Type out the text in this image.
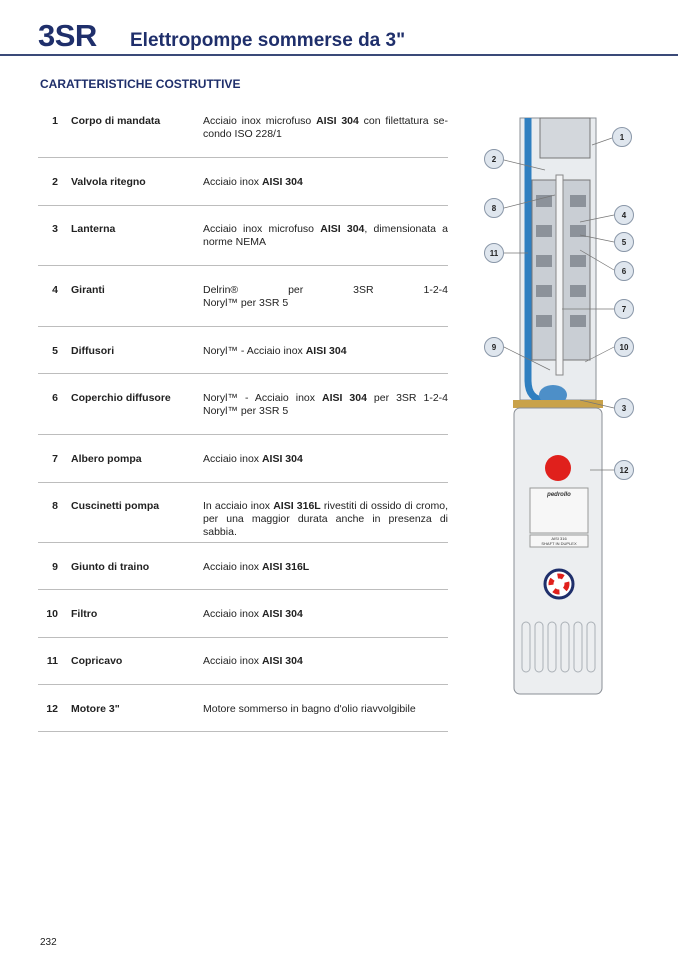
3SR Elettropompe sommerse da 3"
CARATTERISTICHE COSTRUTTIVE
1 Corpo di mandata	Acciaio inox microfuso AISI 304 con filettatura se-
condo ISO 228/1
2 Valvola ritegno	Acciaio inox AISI 304
3 Lanterna	Acciaio inox microfuso AISI 304, dimensionata a
norme NEMA
4 Giranti	Delrin® per 3SR 1-2-4
Noryl™ per 3SR 5
5 Diffusori	Noryl™ - Acciaio inox AISI 304
6 Coperchio diffusore	Noryl™ - Acciaio inox AISI 304 per 3SR 1-2-4
Noryl™ per 3SR 5
7 Albero pompa	Acciaio inox AISI 304
8 Cuscinetti pompa	In acciaio inox AISI 316L rivestiti di ossido di cromo,
per una maggior durata anche in presenza di sabbia.
9 Giunto di traino	Acciaio inox AISI 316L
10 Filtro	Acciaio inox AISI 304
11 Copricavo	Acciaio inox AISI 304
12 Motore 3"	Motore sommerso in bagno d'olio riavvolgibile
pedrollo
AISI 316
SHAFT IN DUPLEX
1
2
8
4
11
5
6
7
9	10
3
12
232
